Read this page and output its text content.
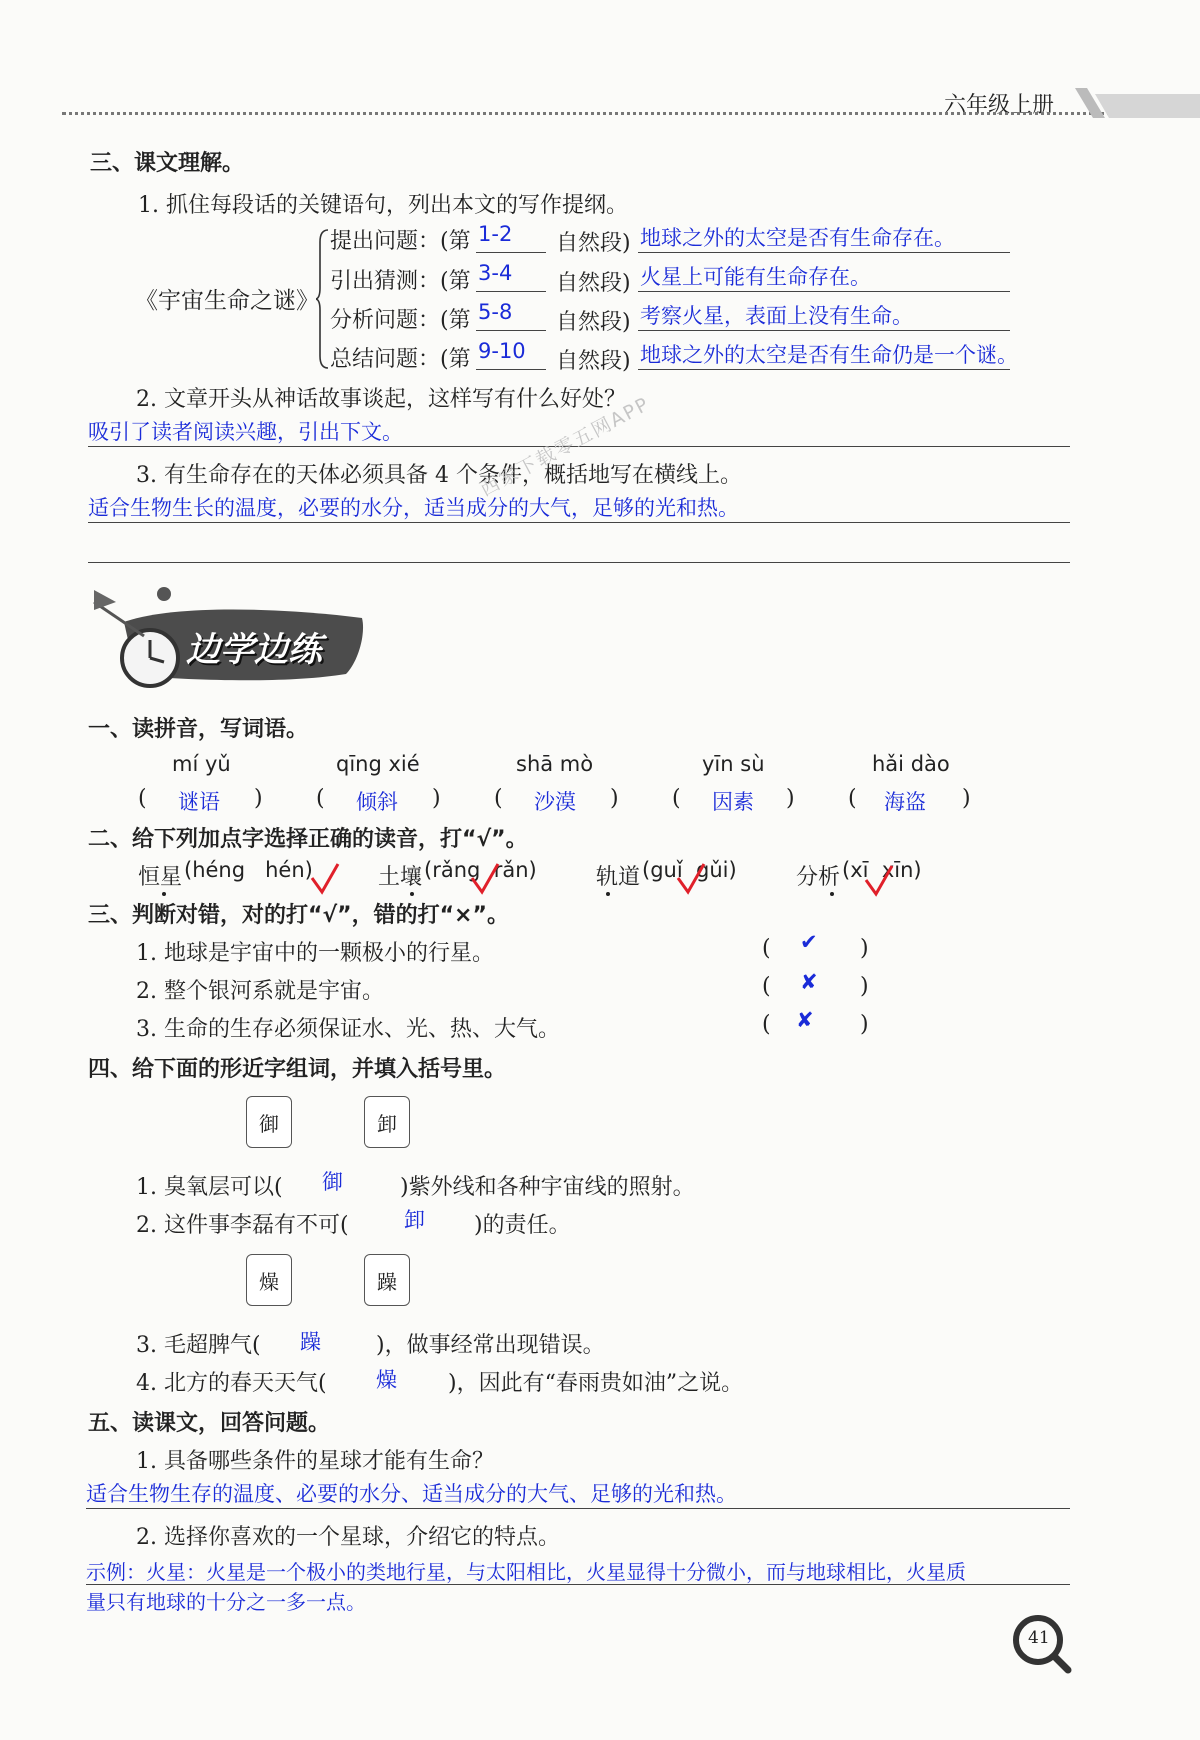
六年级上册
三、课文理解。
1. 抓住每段话的关键语句，列出本文的写作提纲。
《宇宙生命之谜》
提出问题：(第 1-2 自然段) 地球之外的太空是否有生命存在。
引出猜测：(第 3-4 自然段) 火星上可能有生命存在。
分析问题：(第 5-8 自然段) 考察火星，表面上没有生命。
总结问题：(第 9-10 自然段) 地球之外的太空是否有生命仍是一个谜。
2. 文章开头从神话故事谈起，这样写有什么好处？
吸引了读者阅读兴趣，引出下文。
3. 有生命存在的天体必须具备 4 个条件，概括地写在横线上。
适合生物生长的温度，必要的水分，适当成分的大气，足够的光和热。
西家下载零五网APP
边学边练
一、读拼音，写词语。
mí yǔ
( 谜语 )
qīng xié
( 倾斜 )
shā mò
( 沙漠 )
yīn sù
( 因素 )
hǎi dào
( 海盗 )
二、给下列加点字选择正确的读音，打“√”。
恒星 (héng hén)	土壤 (rǎng rǎn)	轨道 (guǐ gǔi)	分析 (xī xīn)
三、判断对错，对的打“√”，错的打“×”。
1. 地球是宇宙中的一颗极小的行星。	( ✔ )
2. 整个银河系就是宇宙。	( ✘ )
3. 生命的生存必须保证水、光、热、大气。	( ✘ )
四、给下面的形近字组词，并填入括号里。
御	卸
1. 臭氧层可以( 御	)紫外线和各种宇宙线的照射。
2. 这件事李磊有不可(	卸 )的责任。
燥	躁
3. 毛超脾气( 躁	)，做事经常出现错误。
4. 北方的春天天气( 燥 )，因此有“春雨贵如油”之说。
五、读课文，回答问题。
1. 具备哪些条件的星球才能有生命？
适合生物生存的温度、必要的水分、适当成分的大气、足够的光和热。
2. 选择你喜欢的一个星球，介绍它的特点。
示例：火星：火星是一个极小的类地行星，与太阳相比，火星显得十分微小，而与地球相比，火星质
量只有地球的十分之一多一点。
41
